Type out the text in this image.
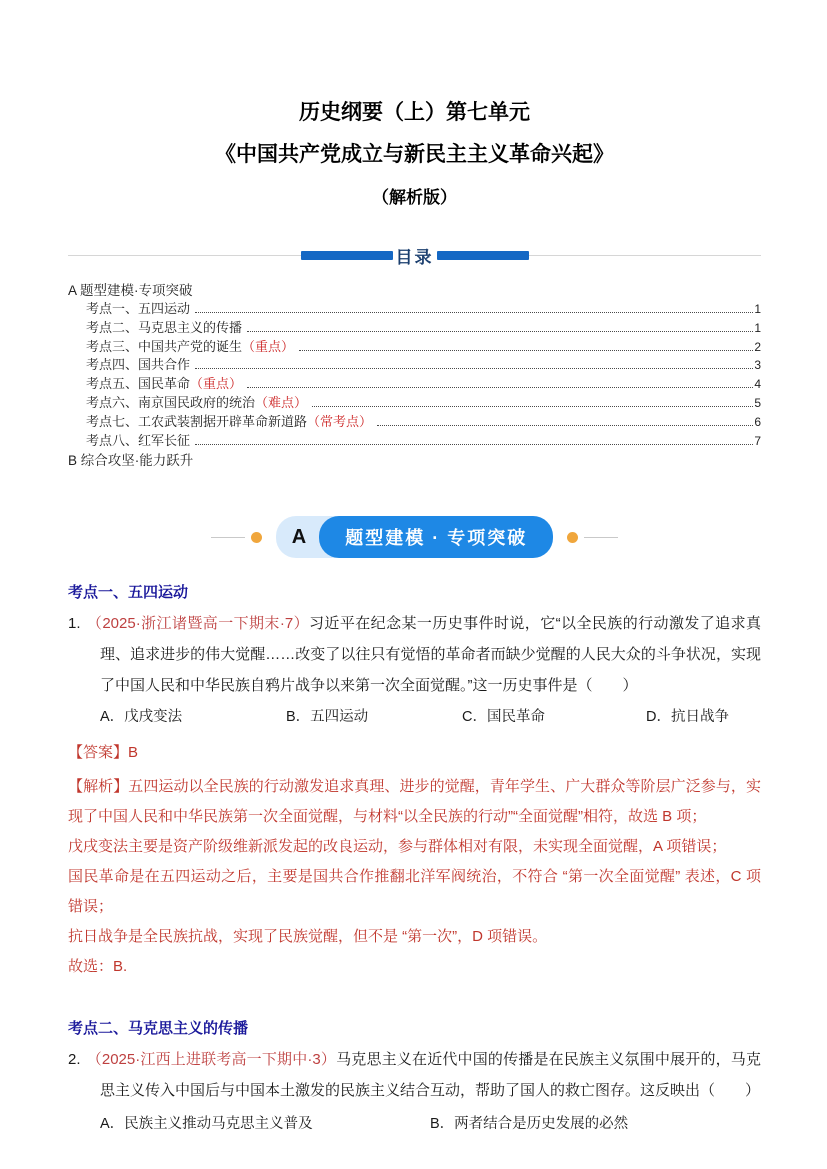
历史纲要（上）第七单元
《中国共产党成立与新民主主义革命兴起》
（解析版）
目录
A 题型建模·专项突破
考点一、五四运动	1
考点二、马克思主义的传播	1
考点三、中国共产党的诞生 （重点）	2
考点四、国共合作	3
考点五、国民革命 （重点）	4
考点六、南京国民政府的统治 （难点）	5
考点七、工农武装割据开辟革命新道路 （常考点）	6
考点八、红军长征	7
B 综合攻坚·能力跃升
A	题型建模 · 专项突破
考点一、五四运动

1. （2025·浙江诸暨高一下期末·7）习近平在纪念某一历史事件时说，它“以全民族的行动激发了追求真理、追求进步的伟大觉醒……改变了以往只有觉悟的革命者而缺少觉醒的人民大众的斗争状况，实现了中国人民和中华民族自鸦片战争以来第一次全面觉醒。”这一历史事件是（　　）

A．戊戌变法	B．五四运动	C．国民革命	D．抗日战争
【答案】B

【解析】五四运动以全民族的行动激发追求真理、进步的觉醒，青年学生、广大群众等阶层广泛参与，实现了中国人民和中华民族第一次全面觉醒，与材料“以全民族的行动”“全面觉醒”相符，故选 B 项；

戊戌变法主要是资产阶级维新派发起的改良运动，参与群体相对有限，未实现全面觉醒，A 项错误；

国民革命是在五四运动之后，主要是国共合作推翻北洋军阀统治，不符合 “第一次全面觉醒” 表述，C 项错误；

抗日战争是全民族抗战，实现了民族觉醒，但不是 “第一次”，D 项错误。

故选：B.

考点二、马克思主义的传播

2. （2025·江西上进联考高一下期中·3）马克思主义在近代中国的传播是在民族主义氛围中展开的，马克思主义传入中国后与中国本土激发的民族主义结合互动，帮助了国人的救亡图存。这反映出（　　）

A．民族主义推动马克思主义普及	B．两者结合是历史发展的必然
